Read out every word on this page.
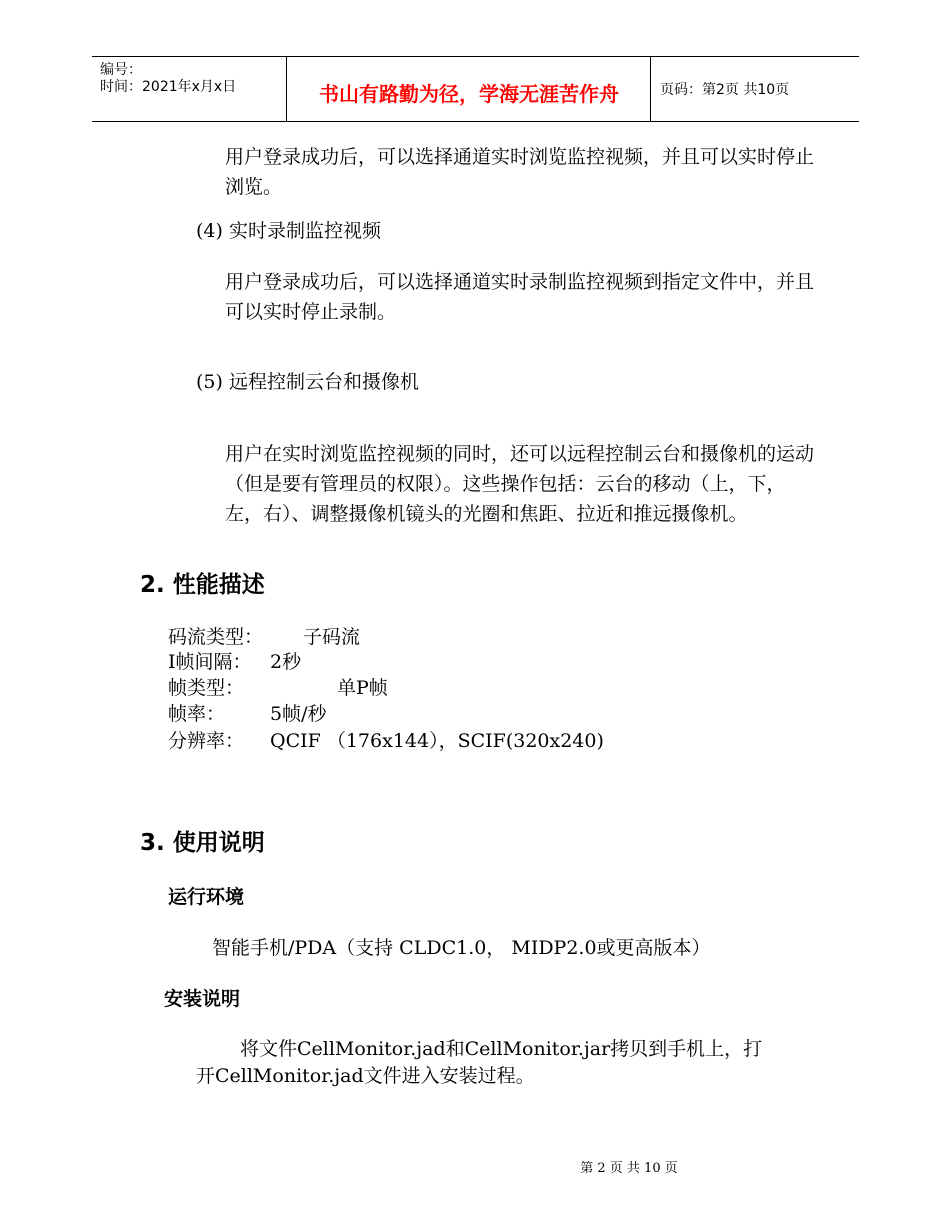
编号：
时间：2021年x月x日	书山有路勤为径，学海无涯苦作舟	页码：第2页 共10页
用户登录成功后，可以选择通道实时浏览监控视频，并且可以实时停止浏览。
(4) 实时录制监控视频
用户登录成功后，可以选择通道实时录制监控视频到指定文件中，并且可以实时停止录制。
(5) 远程控制云台和摄像机
用户在实时浏览监控视频的同时，还可以远程控制云台和摄像机的运动 （但是要有管理员的权限）。这些操作包括：云台的移动（上，下，左，右）、调整摄像机镜头的光圈和焦距、拉近和推远摄像机。
2. 性能描述
码流类型： 子码流
I帧间隔： 2秒
帧类型：	单P帧
帧率： 5帧/秒
分辨率： QCIF （176x144），SCIF(320x240)
3. 使用说明
运行环境
智能手机/PDA（支持 CLDC1.0， MIDP2.0或更高版本）
安装说明
将文件CellMonitor.jad和CellMonitor.jar拷贝到手机上，打
开CellMonitor.jad文件进入安装过程。
第 2 页 共 10 页
